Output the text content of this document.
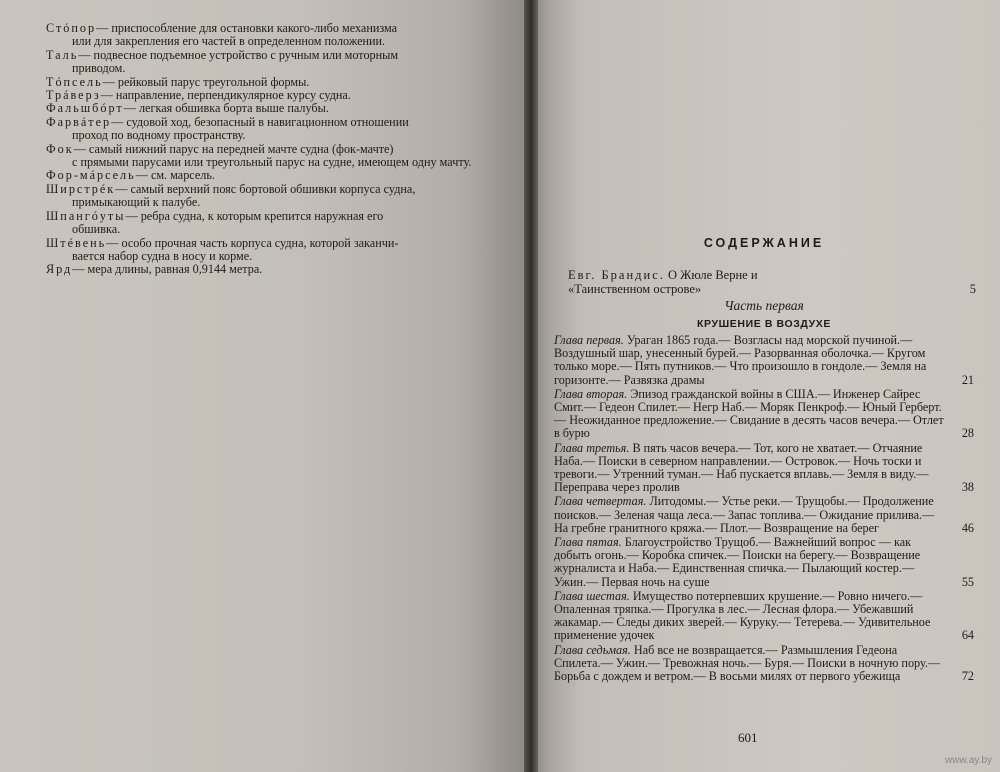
Стóпор— приспособление для остановки какого-либо механизма
или для закрепления его частей в определенном положении.

Таль— подвесное подъемное устройство с ручным или моторным
приводом.

Тóпсель— рейковый парус треугольной формы.

Трáверз— направление, перпендикулярное курсу судна.

Фальшбóрт— легкая обшивка борта выше палубы.

Фарвáтер— судовой ход, безопасный в навигационном отношении
проход по водному пространству.

Фок— самый нижний парус на передней мачте судна (фок-мачте)
с прямыми парусами или треугольный парус на судне, имеющем одну мачту.

Фор-мáрсель— см. марсель.

Ширстрéк— самый верхний пояс бортовой обшивки корпуса судна,
примыкающий к палубе.

Шпангóуты— ребра судна, к которым крепится наружная его
обшивка.

Штéвень— особо прочная часть корпуса судна, которой заканчи-
вается набор судна в носу и корме.

Ярд— мера длины, равная 0,9144 метра.

СОДЕРЖАНИЕ
Евг. Брандис. О Жюле Верне и
«Таинственном острове»	5
Часть первая
КРУШЕНИЕ В ВОЗДУХЕ
Глава первая. Ураган 1865 года.— Возгласы над морской пучиной.— Воздушный шар, унесенный бурей.— Разорванная оболочка.— Кругом только море.— Пять путников.— Что произошло в гондоле.— Земля на горизонте.— Развязка драмы	21
Глава вторая. Эпизод гражданской войны в США.— Инженер Сайрес Смит.— Гедеон Спилет.— Негр Наб.— Моряк Пенкроф.— Юный Герберт.— Неожиданное предложение.— Свидание в десять часов вечера.— Отлет в бурю	28
Глава третья. В пять часов вечера.— Тот, кого не хватает.— Отчаяние Наба.— Поиски в северном направлении.— Островок.— Ночь тоски и тревоги.— Утренний туман.— Наб пускается вплавь.— Земля в виду.— Переправа через пролив	38
Глава четвертая. Литодомы.— Устье реки.— Трущобы.— Продолжение поисков.— Зеленая чаща леса.— Запас топлива.— Ожидание прилива.— На гребне гранитного кряжа.— Плот.— Возвращение на берег	46
Глава пятая. Благоустройство Трущоб.— Важнейший вопрос — как добыть огонь.— Коробка спичек.— Поиски на берегу.— Возвращение журналиста и Наба.— Единственная спичка.— Пылающий костер.— Ужин.— Первая ночь на суше	55
Глава шестая. Имущество потерпевших крушение.— Ровно ничего.— Опаленная тряпка.— Прогулка в лес.— Лесная флора.— Убежавший жакамар.— Следы диких зверей.— Куруку.— Тетерева.— Удивительное применение удочек	64
Глава седьмая. Наб все не возвращается.— Размышления Гедеона Спилета.— Ужин.— Тревожная ночь.— Буря.— Поиски в ночную пору.— Борьба с дождем и ветром.— В восьми милях от первого убежища	72
601
www.ay.by
